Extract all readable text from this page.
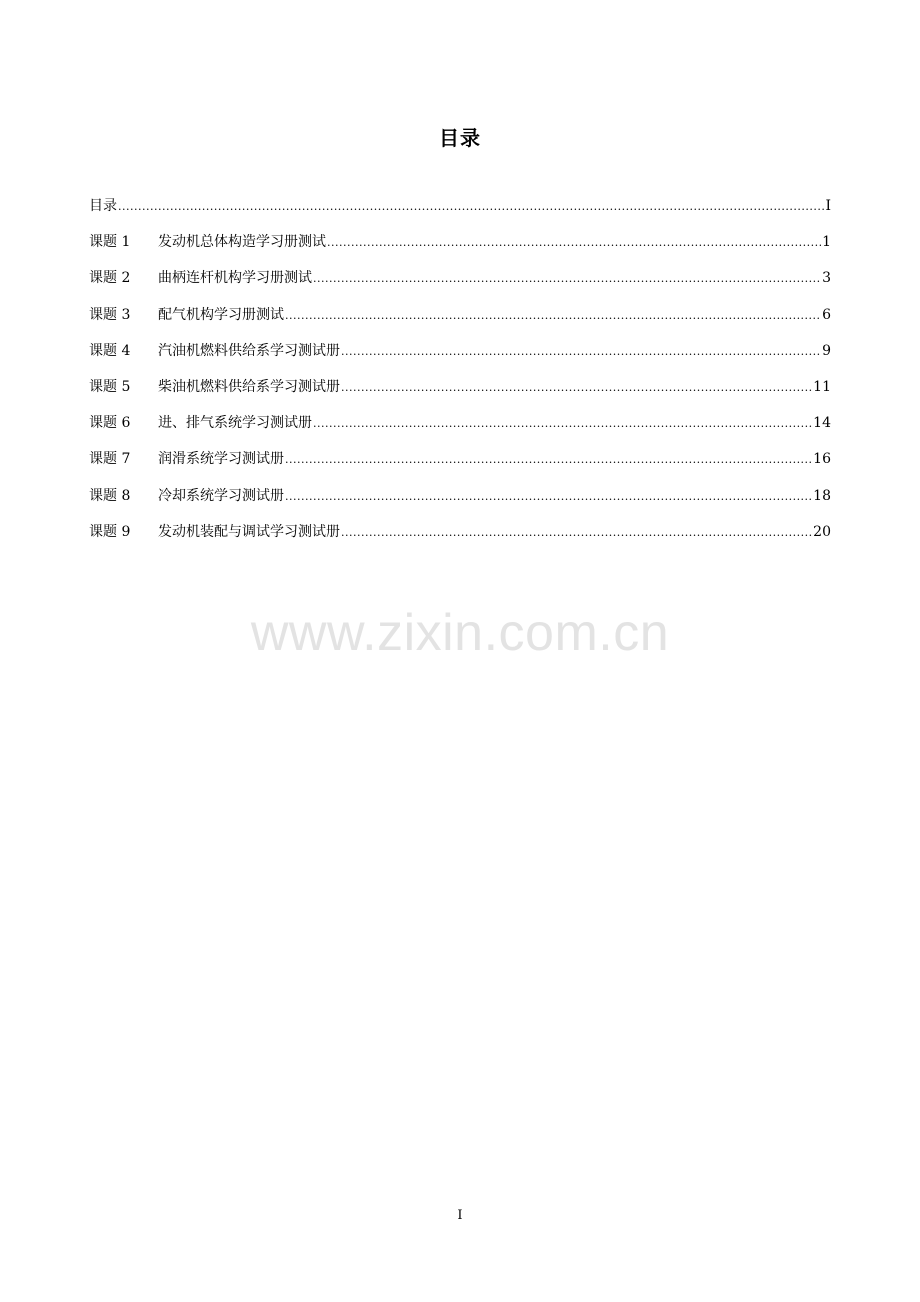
目录
目录 .....	I
课题 1	发动机总体构造学习册测试 .....	1
课题 2	曲柄连杆机构学习册测试 .....	3
课题 3	配气机构学习册测试 .....	6
课题 4	汽油机燃料供给系学习测试册 .....	9
课题 5	柴油机燃料供给系学习测试册 .....	11
课题 6	进、排气系统学习测试册 .....	14
课题 7	润滑系统学习测试册 .....	16
课题 8	冷却系统学习测试册 .....	18
课题 9	发动机装配与调试学习测试册 .....	20
www.zixin.com.cn
I
